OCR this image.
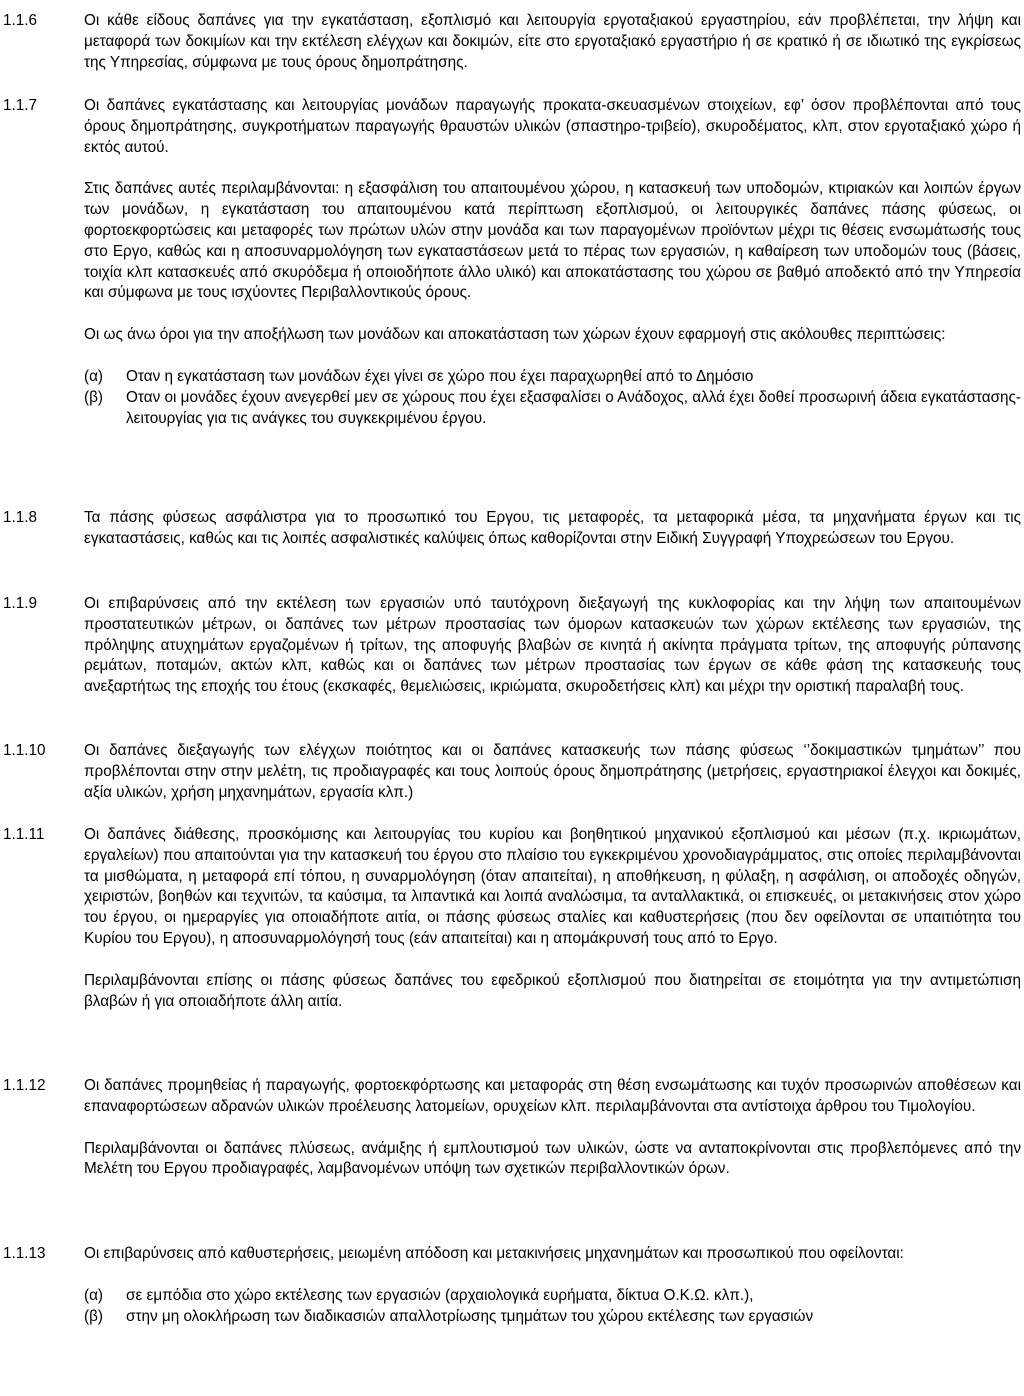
1.1.6	Οι κάθε είδους δαπάνες για την εγκατάσταση, εξοπλισμό και λειτουργία εργοταξιακού εργαστηρίου, εάν προβλέπεται, την λήψη και μεταφορά των δοκιμίων και την εκτέλεση ελέγχων και δοκιμών, είτε στο εργοταξιακό εργαστήριο ή σε κρατικό ή σε ιδιωτικό της εγκρίσεως της Υπηρεσίας, σύμφωνα με τους όρους δημοπράτησης.

1.1.7	Οι δαπάνες εγκατάστασης και λειτουργίας μονάδων παραγωγής προκατα-σκευασμένων στοιχείων, εφ’ όσον προβλέπονται από τους όρους δημοπράτησης, συγκροτήματων παραγωγής θραυστών υλικών (σπαστηρο-τριβείο), σκυροδέματος, κλπ, στον εργοταξιακό χώρο ή εκτός αυτού.

Στις δαπάνες αυτές περιλαμβάνονται: η εξασφάλιση του απαιτουμένου χώρου, η κατασκευή των υποδομών, κτιριακών και λοιπών έργων των μονάδων, η εγκατάσταση του απαιτουμένου κατά περίπτωση εξοπλισμού, οι λειτουργικές δαπάνες πάσης φύσεως, οι φορτοεκφορτώσεις και μεταφορές των πρώτων υλών στην μονάδα και των παραγομένων προϊόντων μέχρι τις θέσεις ενσωμάτωσής τους στο Εργο, καθώς και η αποσυναρμολόγηση των εγκαταστάσεων μετά το πέρας των εργασιών, η καθαίρεση των υποδομών τους (βάσεις, τοιχία κλπ κατασκευές από σκυρόδεμα ή οποιοδήποτε άλλο υλικό) και αποκατάστασης του χώρου σε βαθμό αποδεκτό από την Υπηρεσία και σύμφωνα με τους ισχύοντες Περιβαλλοντικούς όρους.

Οι ως άνω όροι για την αποξήλωση των μονάδων και αποκατάσταση των χώρων έχουν εφαρμογή στις ακόλουθες περιπτώσεις:

(α) Οταν η εγκατάσταση των μονάδων έχει γίνει σε χώρο που έχει παραχωρηθεί από το Δημόσιο
(β) Οταν οι μονάδες έχουν ανεγερθεί μεν σε χώρους που έχει εξασφαλίσει ο Ανάδοχος, αλλά έχει δοθεί προσωρινή άδεια εγκατάστασης-λειτουργίας για τις ανάγκες του συγκεκριμένου έργου.
1.1.8	Τα πάσης φύσεως ασφάλιστρα για το προσωπικό του Εργου, τις μεταφορές, τα μεταφορικά μέσα, τα μηχανήματα έργων και τις εγκαταστάσεις, καθώς και τις λοιπές ασφαλιστικές καλύψεις όπως καθορίζονται στην Ειδική Συγγραφή Υποχρεώσεων του Εργου.

1.1.9	Οι επιβαρύνσεις από την εκτέλεση των εργασιών υπό ταυτόχρονη διεξαγωγή της κυκλοφορίας και την λήψη των απαιτουμένων προστατευτικών μέτρων, οι δαπάνες των μέτρων προστασίας των όμορων κατασκευών των χώρων εκτέλεσης των εργασιών, της πρόληψης ατυχημάτων εργαζομένων ή τρίτων, της αποφυγής βλαβών σε κινητά ή ακίνητα πράγματα τρίτων, της αποφυγής ρύπανσης ρεμάτων, ποταμών, ακτών κλπ, καθώς και οι δαπάνες των μέτρων προστασίας των έργων σε κάθε φάση της κατασκευής τους ανεξαρτήτως της εποχής του έτους (εκσκαφές, θεμελιώσεις, ικριώματα, σκυροδετήσεις κλπ) και μέχρι την οριστική παραλαβή τους.

1.1.10	Οι δαπάνες διεξαγωγής των ελέγχων ποιότητος και οι δαπάνες κατασκευής των πάσης φύσεως ‘’δοκιμαστικών τμημάτων’’ που προβλέπονται στην στην μελέτη, τις προδιαγραφές και τους λοιπούς όρους δημοπράτησης (μετρήσεις, εργαστηριακοί έλεγχοι και δοκιμές, αξία υλικών, χρήση μηχανημάτων, εργασία κλπ.)

1.1.11	Οι δαπάνες διάθεσης, προσκόμισης και λειτουργίας του κυρίου και βοηθητικού μηχανικού εξοπλισμού και μέσων (π.χ. ικριωμάτων, εργαλείων) που απαιτούνται για την κατασκευή του έργου στο πλαίσιο του εγκεκριμένου χρονοδιαγράμματος, στις οποίες περιλαμβάνονται τα μισθώματα, η μεταφορά επί τόπου, η συναρμολόγηση (όταν απαιτείται), η αποθήκευση, η φύλαξη, η ασφάλιση, οι αποδοχές οδηγών, χειριστών, βοηθών και τεχνιτών, τα καύσιμα, τα λιπαντικά και λοιπά αναλώσιμα, τα ανταλλακτικά, οι επισκευές, οι μετακινήσεις στον χώρο του έργου, οι ημεραργίες για οποιαδήποτε αιτία, οι πάσης φύσεως σταλίες και καθυστερήσεις (που δεν οφείλονται σε υπαιτιότητα του Κυρίου του Εργου), η αποσυναρμολόγησή τους (εάν απαιτείται) και η απομάκρυνσή τους από το Εργο.

Περιλαμβάνονται επίσης οι πάσης φύσεως δαπάνες του εφεδρικού εξοπλισμού που διατηρείται σε ετοιμότητα για την αντιμετώπιση βλαβών ή για οποιαδήποτε άλλη αιτία.

1.1.12	Οι δαπάνες προμηθείας ή παραγωγής, φορτοεκφόρτωσης και μεταφοράς στη θέση ενσωμάτωσης και τυχόν προσωρινών αποθέσεων και επαναφορτώσεων αδρανών υλικών προέλευσης λατομείων, ορυχείων κλπ. περιλαμβάνονται στα αντίστοιχα άρθρου του Τιμολογίου.

Περιλαμβάνονται οι δαπάνες πλύσεως, ανάμιξης ή εμπλουτισμού των υλικών, ώστε να ανταποκρίνονται στις προβλεπόμενες από την Μελέτη του Εργου προδιαγραφές, λαμβανομένων υπόψη των σχετικών περιβαλλοντικών όρων.

1.1.13	Οι επιβαρύνσεις από καθυστερήσεις, μειωμένη απόδοση και μετακινήσεις μηχανημάτων και προσωπικού που οφείλονται:

(α) σε εμπόδια στο χώρο εκτέλεσης των εργασιών (αρχαιολογικά ευρήματα, δίκτυα Ο.Κ.Ω. κλπ.),
(β) στην μη ολοκλήρωση των διαδικασιών απαλλοτρίωσης τμημάτων του χώρου εκτέλεσης των εργασιών
